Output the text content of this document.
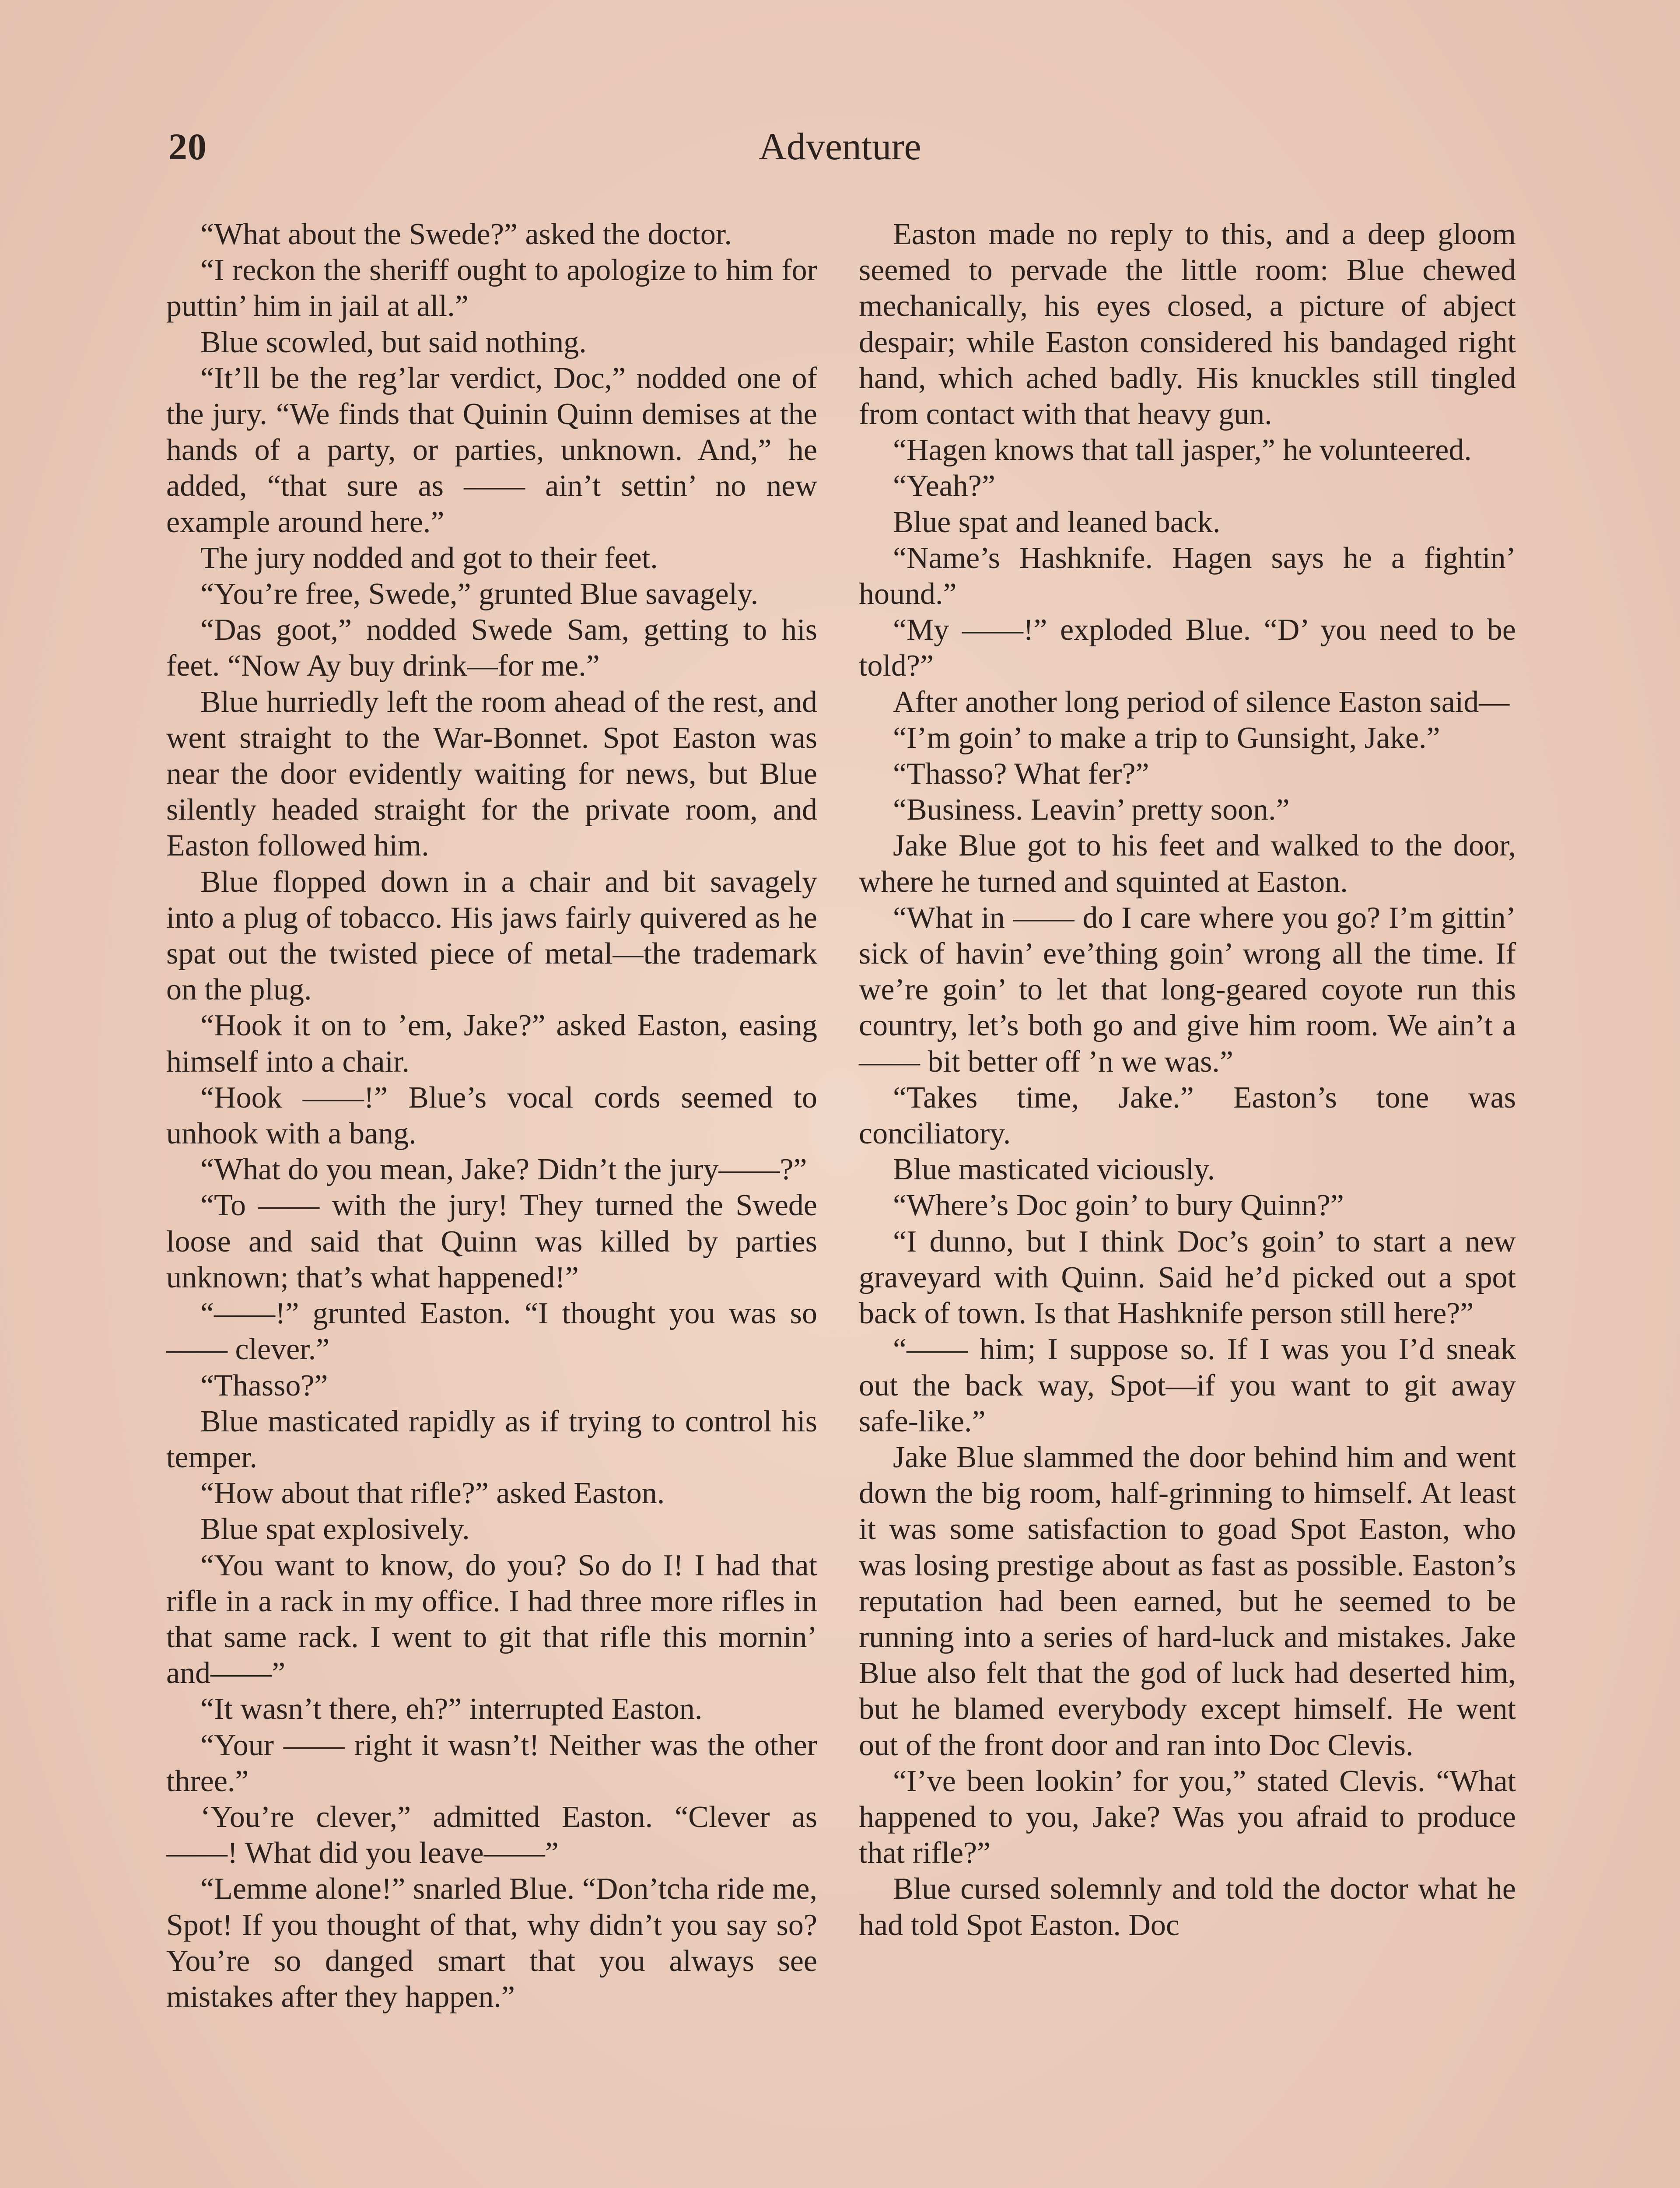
20	Adventure

“What about the Swede?” asked the doctor.

“I reckon the sheriff ought to apologize to him for puttin’ him in jail at all.”

Blue scowled, but said nothing.

“It’ll be the reg’lar verdict, Doc,” nodded one of the jury. “We finds that Quinin Quinn demises at the hands of a party, or parties, unknown. And,” he added, “that sure as —— ain’t settin’ no new example around here.”

The jury nodded and got to their feet.

“You’re free, Swede,” grunted Blue savagely.

“Das goot,” nodded Swede Sam, getting to his feet. “Now Ay buy drink—for me.”

Blue hurriedly left the room ahead of the rest, and went straight to the War-Bonnet. Spot Easton was near the door evidently waiting for news, but Blue silently headed straight for the private room, and Easton followed him.

Blue flopped down in a chair and bit savagely into a plug of tobacco. His jaws fairly quivered as he spat out the twisted piece of metal—the trademark on the plug.

“Hook it on to ’em, Jake?” asked Easton, easing himself into a chair.

“Hook ——!” Blue’s vocal cords seemed to unhook with a bang.

“What do you mean, Jake? Didn’t the jury——?”

“To —— with the jury! They turned the Swede loose and said that Quinn was killed by parties unknown; that’s what happened!”

“——!” grunted Easton. “I thought you was so —— clever.”

“Thasso?”

Blue masticated rapidly as if trying to control his temper.

“How about that rifle?” asked Easton.

Blue spat explosively.

“You want to know, do you? So do I! I had that rifle in a rack in my office. I had three more rifles in that same rack. I went to git that rifle this mornin’ and——”

“It wasn’t there, eh?” interrupted Easton.

“Your —— right it wasn’t! Neither was the other three.”

‘You’re clever,” admitted Easton. “Clever as ——! What did you leave——”

“Lemme alone!” snarled Blue. “Don’tcha ride me, Spot! If you thought of that, why didn’t you say so? You’re so danged smart that you always see mistakes after they happen.”

Easton made no reply to this, and a deep gloom seemed to pervade the little room: Blue chewed mechanically, his eyes closed, a picture of abject despair; while Easton considered his bandaged right hand, which ached badly. His knuckles still tingled from contact with that heavy gun.

“Hagen knows that tall jasper,” he volunteered.

“Yeah?”

Blue spat and leaned back.

“Name’s Hashknife. Hagen says he a fightin’ hound.”

“My ——!” exploded Blue. “D’ you need to be told?”

After another long period of silence Easton said—

“I’m goin’ to make a trip to Gunsight, Jake.”

“Thasso? What fer?”

“Business. Leavin’ pretty soon.”

Jake Blue got to his feet and walked to the door, where he turned and squinted at Easton.

“What in —— do I care where you go? I’m gittin’ sick of havin’ eve’thing goin’ wrong all the time. If we’re goin’ to let that long-geared coyote run this country, let’s both go and give him room. We ain’t a —— bit better off ’n we was.”

“Takes time, Jake.” Easton’s tone was conciliatory.

Blue masticated viciously.

“Where’s Doc goin’ to bury Quinn?”

“I dunno, but I think Doc’s goin’ to start a new graveyard with Quinn. Said he’d picked out a spot back of town. Is that Hashknife person still here?”

“—— him; I suppose so. If I was you I’d sneak out the back way, Spot—if you want to git away safe-like.”

Jake Blue slammed the door behind him and went down the big room, half-grinning to himself. At least it was some satisfaction to goad Spot Easton, who was losing prestige about as fast as possible. Easton’s reputation had been earned, but he seemed to be running into a series of hard-luck and mistakes. Jake Blue also felt that the god of luck had deserted him, but he blamed everybody except himself. He went out of the front door and ran into Doc Clevis.

“I’ve been lookin’ for you,” stated Clevis. “What happened to you, Jake? Was you afraid to produce that rifle?”

Blue cursed solemnly and told the doctor what he had told Spot Easton. Doc
